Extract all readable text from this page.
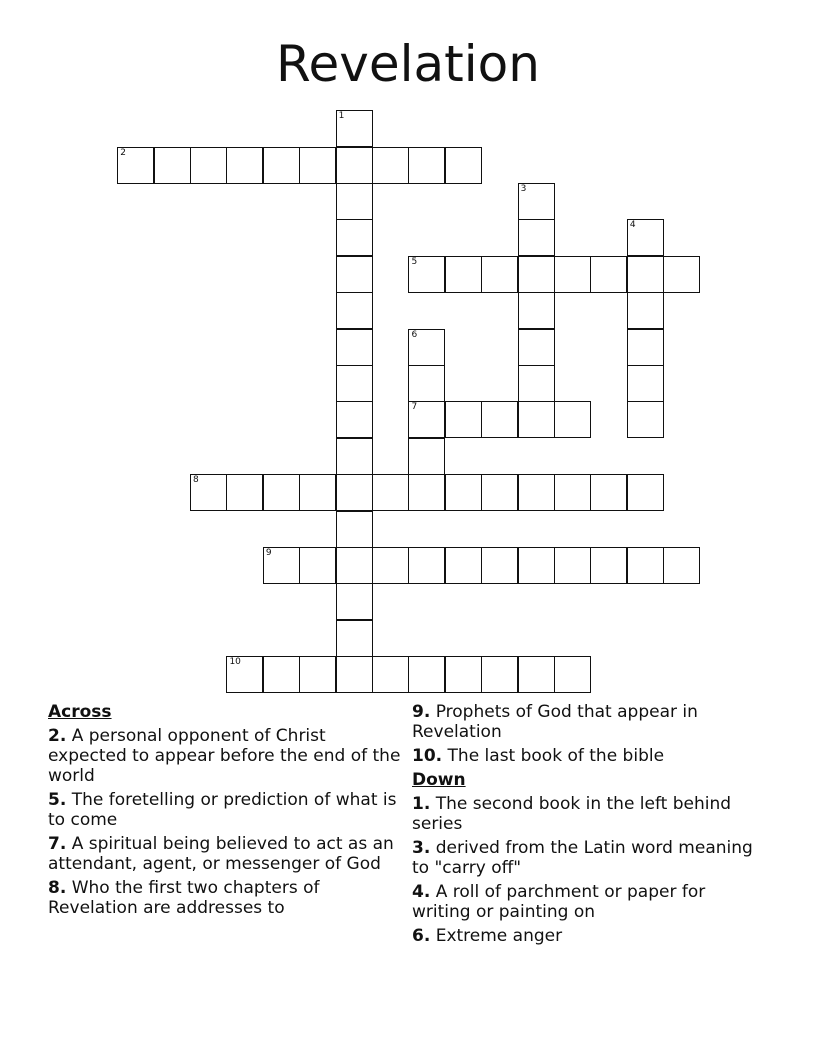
Revelation
1
2
3
4
5
6
7
8
9
10
Across
2. A personal opponent of Christ expected to appear before the end of the world
5. The foretelling or prediction of what is to come
7. A spiritual being believed to act as an attendant, agent, or messenger of God
8. Who the first two chapters of Revelation are addresses to
9. Prophets of God that appear in Revelation
10. The last book of the bible
Down
1. The second book in the left behind series
3. derived from the Latin word meaning to "carry off"
4. A roll of parchment or paper for writing or painting on
6. Extreme anger
